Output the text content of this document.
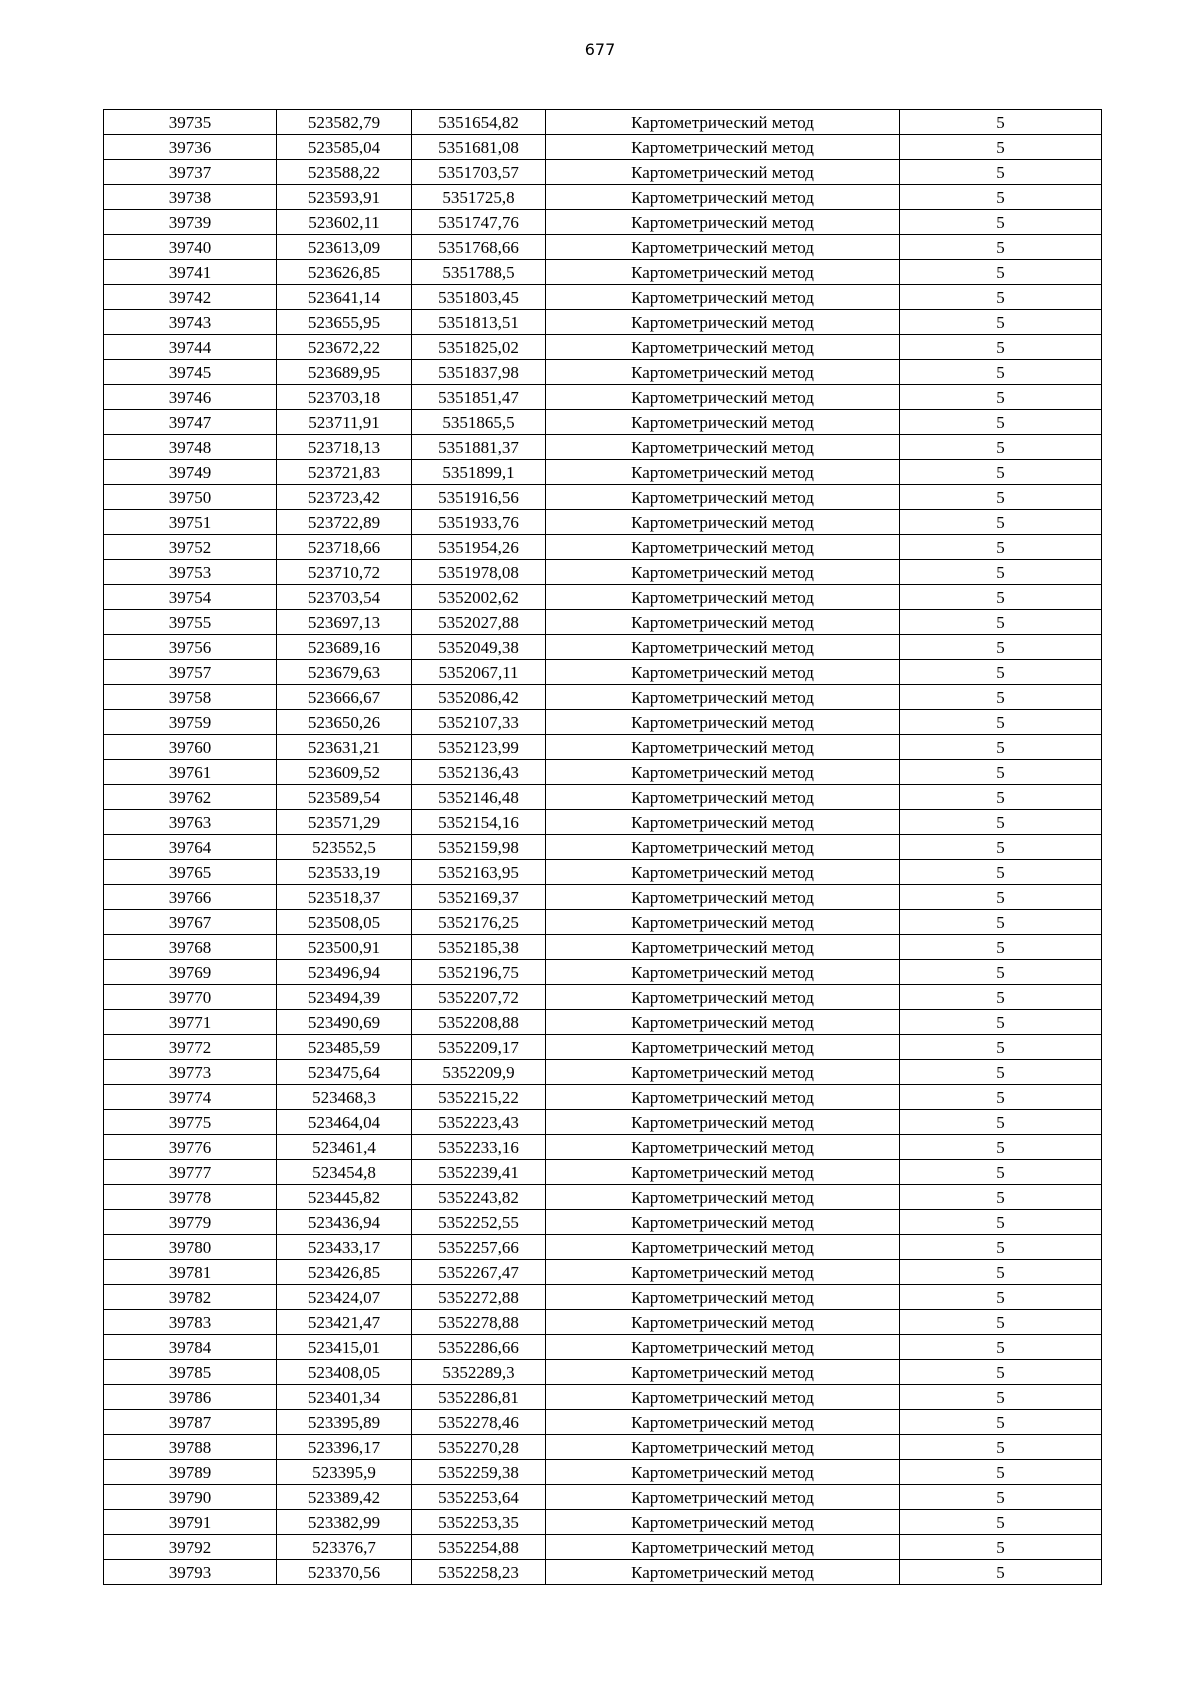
677
39735	523582,79	5351654,82	Картометрический метод	5
39736	523585,04	5351681,08	Картометрический метод	5
39737	523588,22	5351703,57	Картометрический метод	5
39738	523593,91	5351725,8	Картометрический метод	5
39739	523602,11	5351747,76	Картометрический метод	5
39740	523613,09	5351768,66	Картометрический метод	5
39741	523626,85	5351788,5	Картометрический метод	5
39742	523641,14	5351803,45	Картометрический метод	5
39743	523655,95	5351813,51	Картометрический метод	5
39744	523672,22	5351825,02	Картометрический метод	5
39745	523689,95	5351837,98	Картометрический метод	5
39746	523703,18	5351851,47	Картометрический метод	5
39747	523711,91	5351865,5	Картометрический метод	5
39748	523718,13	5351881,37	Картометрический метод	5
39749	523721,83	5351899,1	Картометрический метод	5
39750	523723,42	5351916,56	Картометрический метод	5
39751	523722,89	5351933,76	Картометрический метод	5
39752	523718,66	5351954,26	Картометрический метод	5
39753	523710,72	5351978,08	Картометрический метод	5
39754	523703,54	5352002,62	Картометрический метод	5
39755	523697,13	5352027,88	Картометрический метод	5
39756	523689,16	5352049,38	Картометрический метод	5
39757	523679,63	5352067,11	Картометрический метод	5
39758	523666,67	5352086,42	Картометрический метод	5
39759	523650,26	5352107,33	Картометрический метод	5
39760	523631,21	5352123,99	Картометрический метод	5
39761	523609,52	5352136,43	Картометрический метод	5
39762	523589,54	5352146,48	Картометрический метод	5
39763	523571,29	5352154,16	Картометрический метод	5
39764	523552,5	5352159,98	Картометрический метод	5
39765	523533,19	5352163,95	Картометрический метод	5
39766	523518,37	5352169,37	Картометрический метод	5
39767	523508,05	5352176,25	Картометрический метод	5
39768	523500,91	5352185,38	Картометрический метод	5
39769	523496,94	5352196,75	Картометрический метод	5
39770	523494,39	5352207,72	Картометрический метод	5
39771	523490,69	5352208,88	Картометрический метод	5
39772	523485,59	5352209,17	Картометрический метод	5
39773	523475,64	5352209,9	Картометрический метод	5
39774	523468,3	5352215,22	Картометрический метод	5
39775	523464,04	5352223,43	Картометрический метод	5
39776	523461,4	5352233,16	Картометрический метод	5
39777	523454,8	5352239,41	Картометрический метод	5
39778	523445,82	5352243,82	Картометрический метод	5
39779	523436,94	5352252,55	Картометрический метод	5
39780	523433,17	5352257,66	Картометрический метод	5
39781	523426,85	5352267,47	Картометрический метод	5
39782	523424,07	5352272,88	Картометрический метод	5
39783	523421,47	5352278,88	Картометрический метод	5
39784	523415,01	5352286,66	Картометрический метод	5
39785	523408,05	5352289,3	Картометрический метод	5
39786	523401,34	5352286,81	Картометрический метод	5
39787	523395,89	5352278,46	Картометрический метод	5
39788	523396,17	5352270,28	Картометрический метод	5
39789	523395,9	5352259,38	Картометрический метод	5
39790	523389,42	5352253,64	Картометрический метод	5
39791	523382,99	5352253,35	Картометрический метод	5
39792	523376,7	5352254,88	Картометрический метод	5
39793	523370,56	5352258,23	Картометрический метод	5
